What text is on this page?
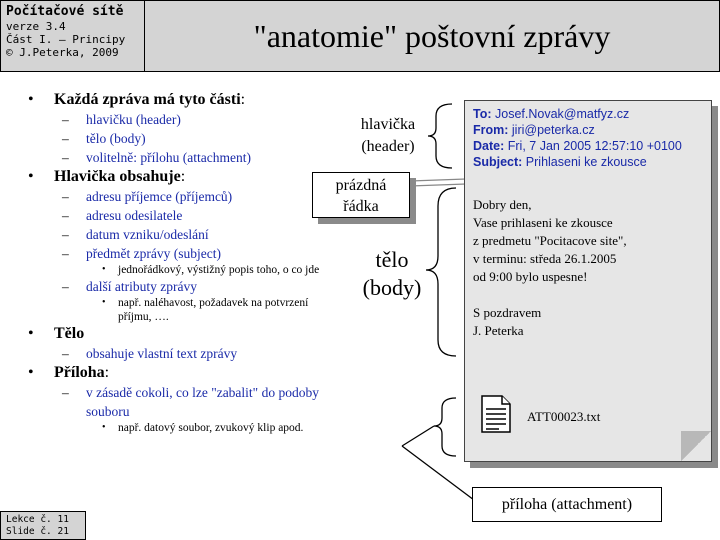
Počítačové sítě
verze 3.4
Část I. – Principy
© J.Peterka, 2009	"anatomie" poštovní zprávy
• Každá zpráva má tyto části:
– hlavičku (header)
– tělo (body)
– volitelně: přílohu (attachment)
• Hlavička obsahuje:
– adresu příjemce (příjemců)
– adresu odesilatele
– datum vzniku/odeslání
– předmět zprávy (subject)
• jednořádkový, výstižný popis toho, o co jde
– další atributy zprávy
• např. naléhavost, požadavek na potvrzení příjmu, ….
• Tělo
– obsahuje vlastní text zprávy
• Příloha:
– v zásadě cokoli, co lze "zabalit" do podoby souboru
• např. datový soubor, zvukový klip apod.
To: Josef.Novak@matfyz.cz
From: jiri@peterka.cz
Date: Fri, 7 Jan 2005 12:57:10 +0100
Subject: Prihlaseni ke zkousce
Dobry den,
Vase prihlaseni ke zkousce
z predmetu "Pocitacove site",
v terminu: středa 26.1.2005
od 9:00 bylo uspesne!
S pozdravem
J. Peterka
ATT00023.txt
hlavička
(header)
prázdná
řádka
tělo
(body)
příloha (attachment)
Lekce č. 11
Slide č. 21
